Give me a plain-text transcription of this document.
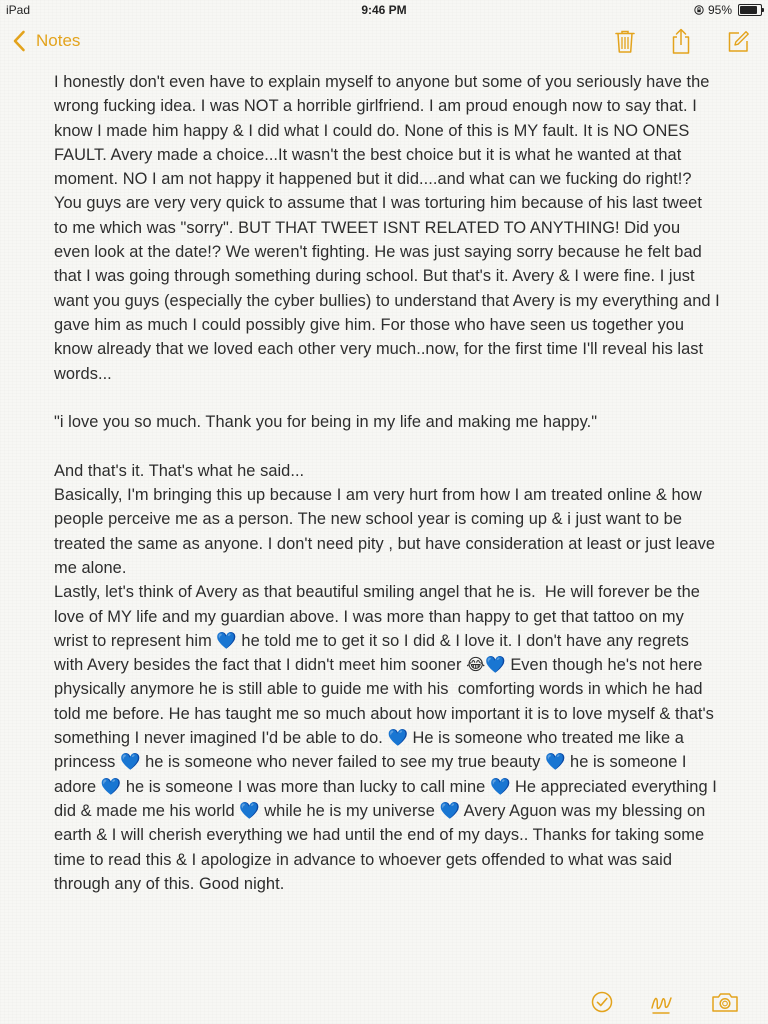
iPad	9:46 PM	95%
Notes
I honestly don't even have to explain myself to anyone but some of you seriously have the wrong fucking idea. I was NOT a horrible girlfriend. I am proud enough now to say that. I know I made him happy & I did what I could do. None of this is MY fault. It is NO ONES FAULT. Avery made a choice...It wasn't the best choice but it is what he wanted at that moment. NO I am not happy it happened but it did....and what can we fucking do right!? You guys are very very quick to assume that I was torturing him because of his last tweet to me which was "sorry". BUT THAT TWEET ISNT RELATED TO ANYTHING! Did you even look at the date!? We weren't fighting. He was just saying sorry because he felt bad that I was going through something during school. But that's it. Avery & I were fine. I just want you guys (especially the cyber bullies) to understand that Avery is my everything and I gave him as much I could possibly give him. For those who have seen us together you know already that we loved each other very much..now, for the first time I'll reveal his last words...

"i love you so much. Thank you for being in my life and making me happy."

And that's it. That's what he said...
Basically, I'm bringing this up because I am very hurt from how I am treated online & how people perceive me as a person. The new school year is coming up & i just want to be treated the same as anyone. I don't need pity , but have consideration at least or just leave me alone.
Lastly, let's think of Avery as that beautiful smiling angel that he is.  He will forever be the love of MY life and my guardian above. I was more than happy to get that tattoo on my wrist to represent him 💙 he told me to get it so I did & I love it. I don't have any regrets with Avery besides the fact that I didn't meet him sooner 😂💙 Even though he's not here physically anymore he is still able to guide me with his  comforting words in which he had told me before. He has taught me so much about how important it is to love myself & that's something I never imagined I'd be able to do. 💙 He is someone who treated me like a princess 💙 he is someone who never failed to see my true beauty 💙 he is someone I adore 💙 he is someone I was more than lucky to call mine 💙 He appreciated everything I did & made me his world 💙 while he is my universe 💙 Avery Aguon was my blessing on earth & I will cherish everything we had until the end of my days.. Thanks for taking some time to read this & I apologize in advance to whoever gets offended to what was said through any of this. Good night.
